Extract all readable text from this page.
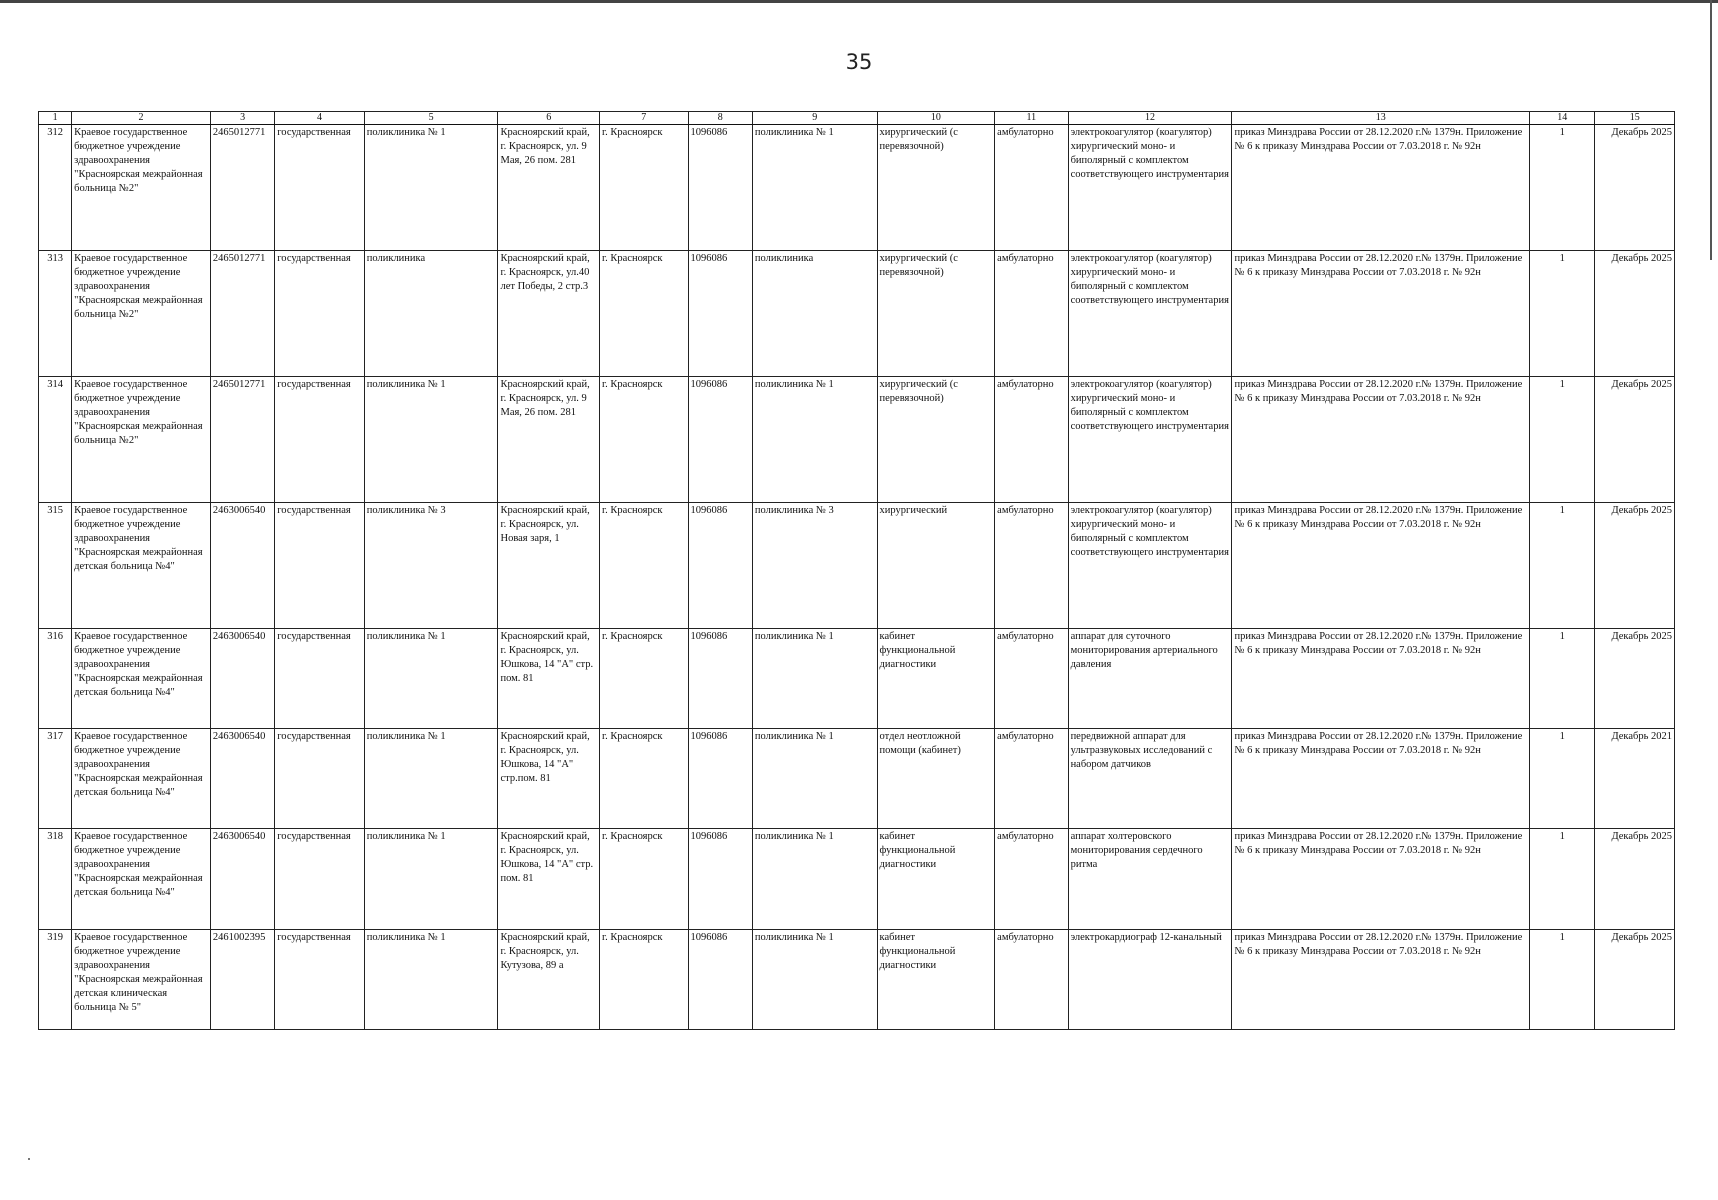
35
1	2	3	4	5	6	7	8	9	10	11	12	13	14	15
312	Краевое государственное бюджетное учреждение здравоохранения "Красноярская межрайонная больница №2"	2465012771	государственная	поликлиника № 1	Красноярский край, г. Красноярск, ул. 9 Мая, 26 пом. 281	г. Красноярск	1096086	поликлиника № 1	хирургический (с перевязочной)	амбулаторно	электрокоагулятор (коагулятор) хирургический моно- и биполярный с комплектом соответствующего инструментария	приказ Минздрава России от 28.12.2020 г.№ 1379н. Приложение № 6 к приказу Минздрава России от 7.03.2018 г. № 92н	1	Декабрь 2025
313	Краевое государственное бюджетное учреждение здравоохранения "Красноярская межрайонная больница №2"	2465012771	государственная	поликлиника	Красноярский край, г. Красноярск, ул.40 лет Победы, 2 стр.3	г. Красноярск	1096086	поликлиника	хирургический (с перевязочной)	амбулаторно	электрокоагулятор (коагулятор) хирургический моно- и биполярный с комплектом соответствующего инструментария	приказ Минздрава России от 28.12.2020 г.№ 1379н. Приложение № 6 к приказу Минздрава России от 7.03.2018 г. № 92н	1	Декабрь 2025
314	Краевое государственное бюджетное учреждение здравоохранения "Красноярская межрайонная больница №2"	2465012771	государственная	поликлиника № 1	Красноярский край, г. Красноярск, ул. 9 Мая, 26 пом. 281	г. Красноярск	1096086	поликлиника № 1	хирургический (с перевязочной)	амбулаторно	электрокоагулятор (коагулятор) хирургический моно- и биполярный с комплектом соответствующего инструментария	приказ Минздрава России от 28.12.2020 г.№ 1379н. Приложение № 6 к приказу Минздрава России от 7.03.2018 г. № 92н	1	Декабрь 2025
315	Краевое государственное бюджетное учреждение здравоохранения "Красноярская межрайонная детская больница №4"	2463006540	государственная	поликлиника № 3	Красноярский край, г. Красноярск, ул. Новая заря, 1	г. Красноярск	1096086	поликлиника № 3	хирургический	амбулаторно	электрокоагулятор (коагулятор) хирургический моно- и биполярный с комплектом соответствующего инструментария	приказ Минздрава России от 28.12.2020 г.№ 1379н. Приложение № 6 к приказу Минздрава России от 7.03.2018 г. № 92н	1	Декабрь 2025
316	Краевое государственное бюджетное учреждение здравоохранения "Красноярская межрайонная детская больница №4"	2463006540	государственная	поликлиника № 1	Красноярский край, г. Красноярск, ул. Юшкова, 14 "А" стр. пом. 81	г. Красноярск	1096086	поликлиника № 1	кабинет функциональной диагностики	амбулаторно	аппарат для суточного мониторирования артериального давления	приказ Минздрава России от 28.12.2020 г.№ 1379н. Приложение № 6 к приказу Минздрава России от 7.03.2018 г. № 92н	1	Декабрь 2025
317	Краевое государственное бюджетное учреждение здравоохранения "Красноярская межрайонная детская больница №4"	2463006540	государственная	поликлиника № 1	Красноярский край, г. Красноярск, ул. Юшкова, 14 "А" стр.пом. 81	г. Красноярск	1096086	поликлиника № 1	отдел неотложной помощи (кабинет)	амбулаторно	передвижной аппарат для ультразвуковых исследований с набором датчиков	приказ Минздрава России от 28.12.2020 г.№ 1379н. Приложение № 6 к приказу Минздрава России от 7.03.2018 г. № 92н	1	Декабрь 2021
318	Краевое государственное бюджетное учреждение здравоохранения "Красноярская межрайонная детская больница №4"	2463006540	государственная	поликлиника № 1	Красноярский край, г. Красноярск, ул. Юшкова, 14 "А" стр. пом. 81	г. Красноярск	1096086	поликлиника № 1	кабинет функциональной диагностики	амбулаторно	аппарат холтеровского мониторирования сердечного ритма	приказ Минздрава России от 28.12.2020 г.№ 1379н. Приложение № 6 к приказу Минздрава России от 7.03.2018 г. № 92н	1	Декабрь 2025
319	Краевое государственное бюджетное учреждение здравоохранения "Красноярская межрайонная детская клиническая больница № 5"	2461002395	государственная	поликлиника № 1	Красноярский край, г. Красноярск, ул. Кутузова, 89 а	г. Красноярск	1096086	поликлиника № 1	кабинет функциональной диагностики	амбулаторно	электрокардиограф 12-канальный	приказ Минздрава России от 28.12.2020 г.№ 1379н. Приложение № 6 к приказу Минздрава России от 7.03.2018 г. № 92н	1	Декабрь 2025
